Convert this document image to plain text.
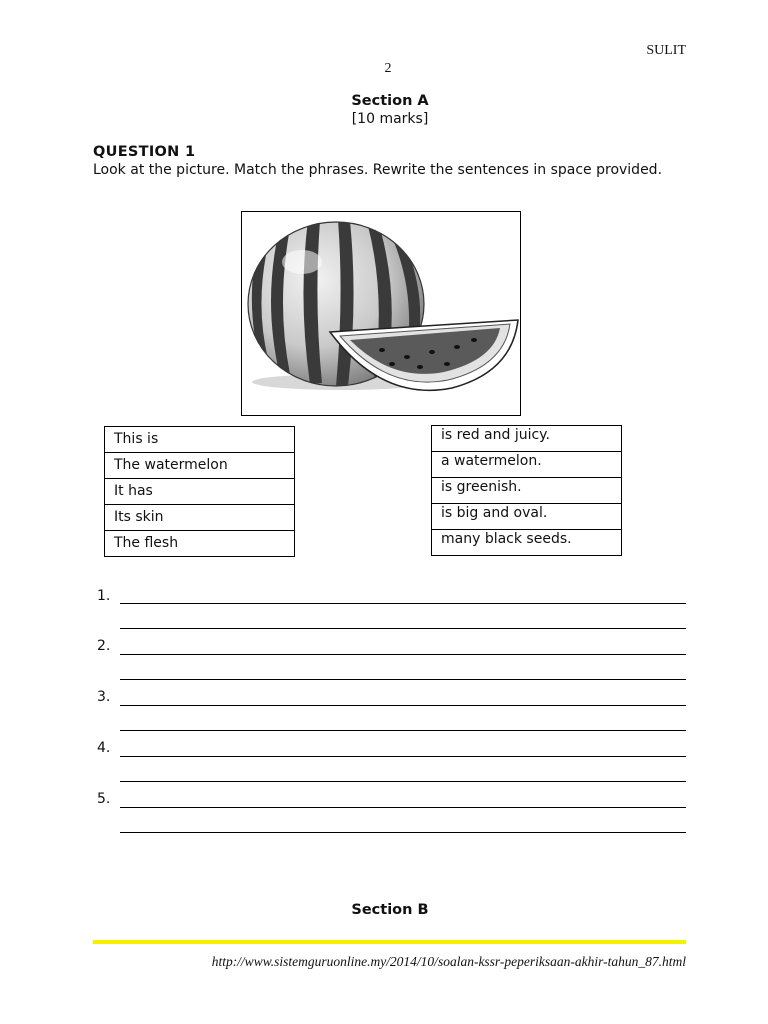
SULIT
2
Section A
[10 marks]
QUESTION 1
Look at the picture. Match the phrases. Rewrite the sentences in space provided.
This is
The watermelon
It has
Its skin
The flesh
is red and juicy.
a watermelon.
is greenish.
is big and oval.
many black seeds.
1.
2.
3.
4.
5.
Section B
http://www.sistemguruonline.my/2014/10/soalan-kssr-peperiksaan-akhir-tahun_87.html
